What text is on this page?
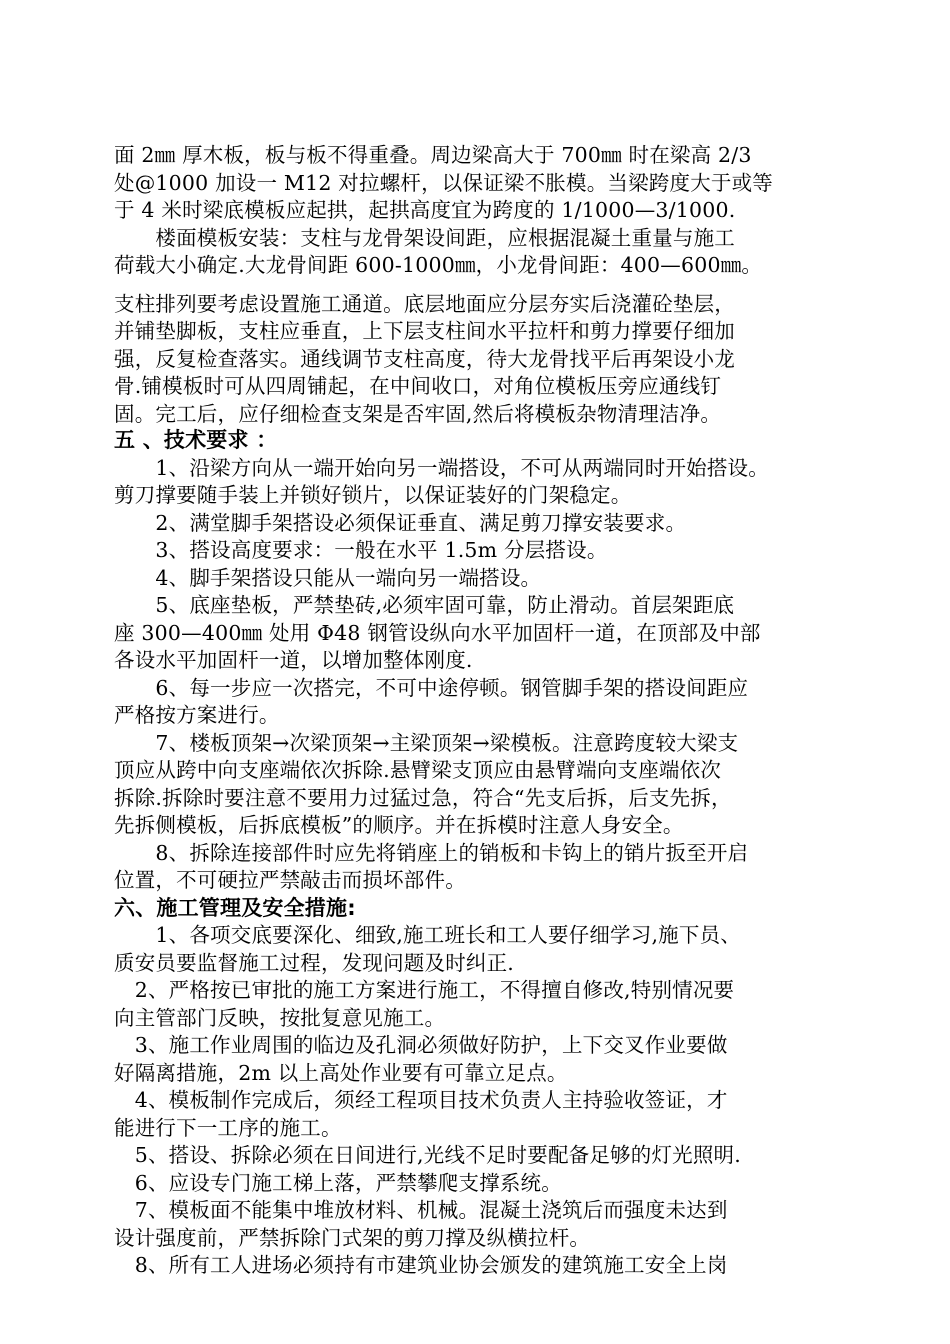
面 2㎜ 厚木板，板与板不得重叠。周边梁高大于 700㎜ 时在梁高 2/3
处@1000 加设一 M12 对拉螺杆，以保证梁不胀模。当梁跨度大于或等
于 4 米时梁底模板应起拱，起拱高度宜为跨度的 1/1000—3/1000.
　　楼面模板安装：支柱与龙骨架设间距，应根据混凝土重量与施工
荷载大小确定.大龙骨间距 600-1000㎜，小龙骨间距：400—600㎜。
支柱排列要考虑设置施工通道。底层地面应分层夯实后浇灌砼垫层，
并铺垫脚板，支柱应垂直，上下层支柱间水平拉杆和剪力撑要仔细加
强，反复检查落实。通线调节支柱高度，待大龙骨找平后再架设小龙
骨.铺模板时可从四周铺起，在中间收口，对角位模板压旁应通线钉
固。完工后，应仔细检查支架是否牢固,然后将模板杂物清理洁净。
五 、技术要求 ：
　　1、沿梁方向从一端开始向另一端搭设，不可从两端同时开始搭设。
剪刀撑要随手装上并锁好锁片，以保证装好的门架稳定。
　　2、满堂脚手架搭设必须保证垂直、满足剪刀撑安装要求。
　　3、搭设高度要求：一般在水平 1.5m 分层搭设。
　　4、脚手架搭设只能从一端向另一端搭设。
　　5、底座垫板，严禁垫砖,必须牢固可靠，防止滑动。首层架距底
座 300—400㎜ 处用 Φ48 钢管设纵向水平加固杆一道，在顶部及中部
各设水平加固杆一道，以增加整体刚度.
　　6、每一步应一次搭完，不可中途停顿。钢管脚手架的搭设间距应
严格按方案进行。
　　7、楼板顶架→次梁顶架→主梁顶架→梁模板。注意跨度较大梁支
顶应从跨中向支座端依次拆除.悬臂梁支顶应由悬臂端向支座端依次
拆除.拆除时要注意不要用力过猛过急，符合“先支后拆，后支先拆，
先拆侧模板，后拆底模板”的顺序。并在拆模时注意人身安全。
　　8、拆除连接部件时应先将销座上的销板和卡钩上的销片扳至开启
位置，不可硬拉严禁敲击而损坏部件。
六、施工管理及安全措施:
　　1、各项交底要深化、细致,施工班长和工人要仔细学习,施下员、
质安员要监督施工过程，发现问题及时纠正.
　2、严格按已审批的施工方案进行施工，不得擅自修改,特别情况要
向主管部门反映，按批复意见施工。
　3、施工作业周围的临边及孔洞必须做好防护，上下交叉作业要做
好隔离措施，2m 以上高处作业要有可靠立足点。
　4、模板制作完成后，须经工程项目技术负责人主持验收签证，才
能进行下一工序的施工。
　5、搭设、拆除必须在日间进行,光线不足时要配备足够的灯光照明.
　6、应设专门施工梯上落，严禁攀爬支撑系统。
　7、模板面不能集中堆放材料、机械。混凝土浇筑后而强度未达到
设计强度前，严禁拆除门式架的剪刀撑及纵横拉杆。
　8、所有工人进场必须持有市建筑业协会颁发的建筑施工安全上岗
